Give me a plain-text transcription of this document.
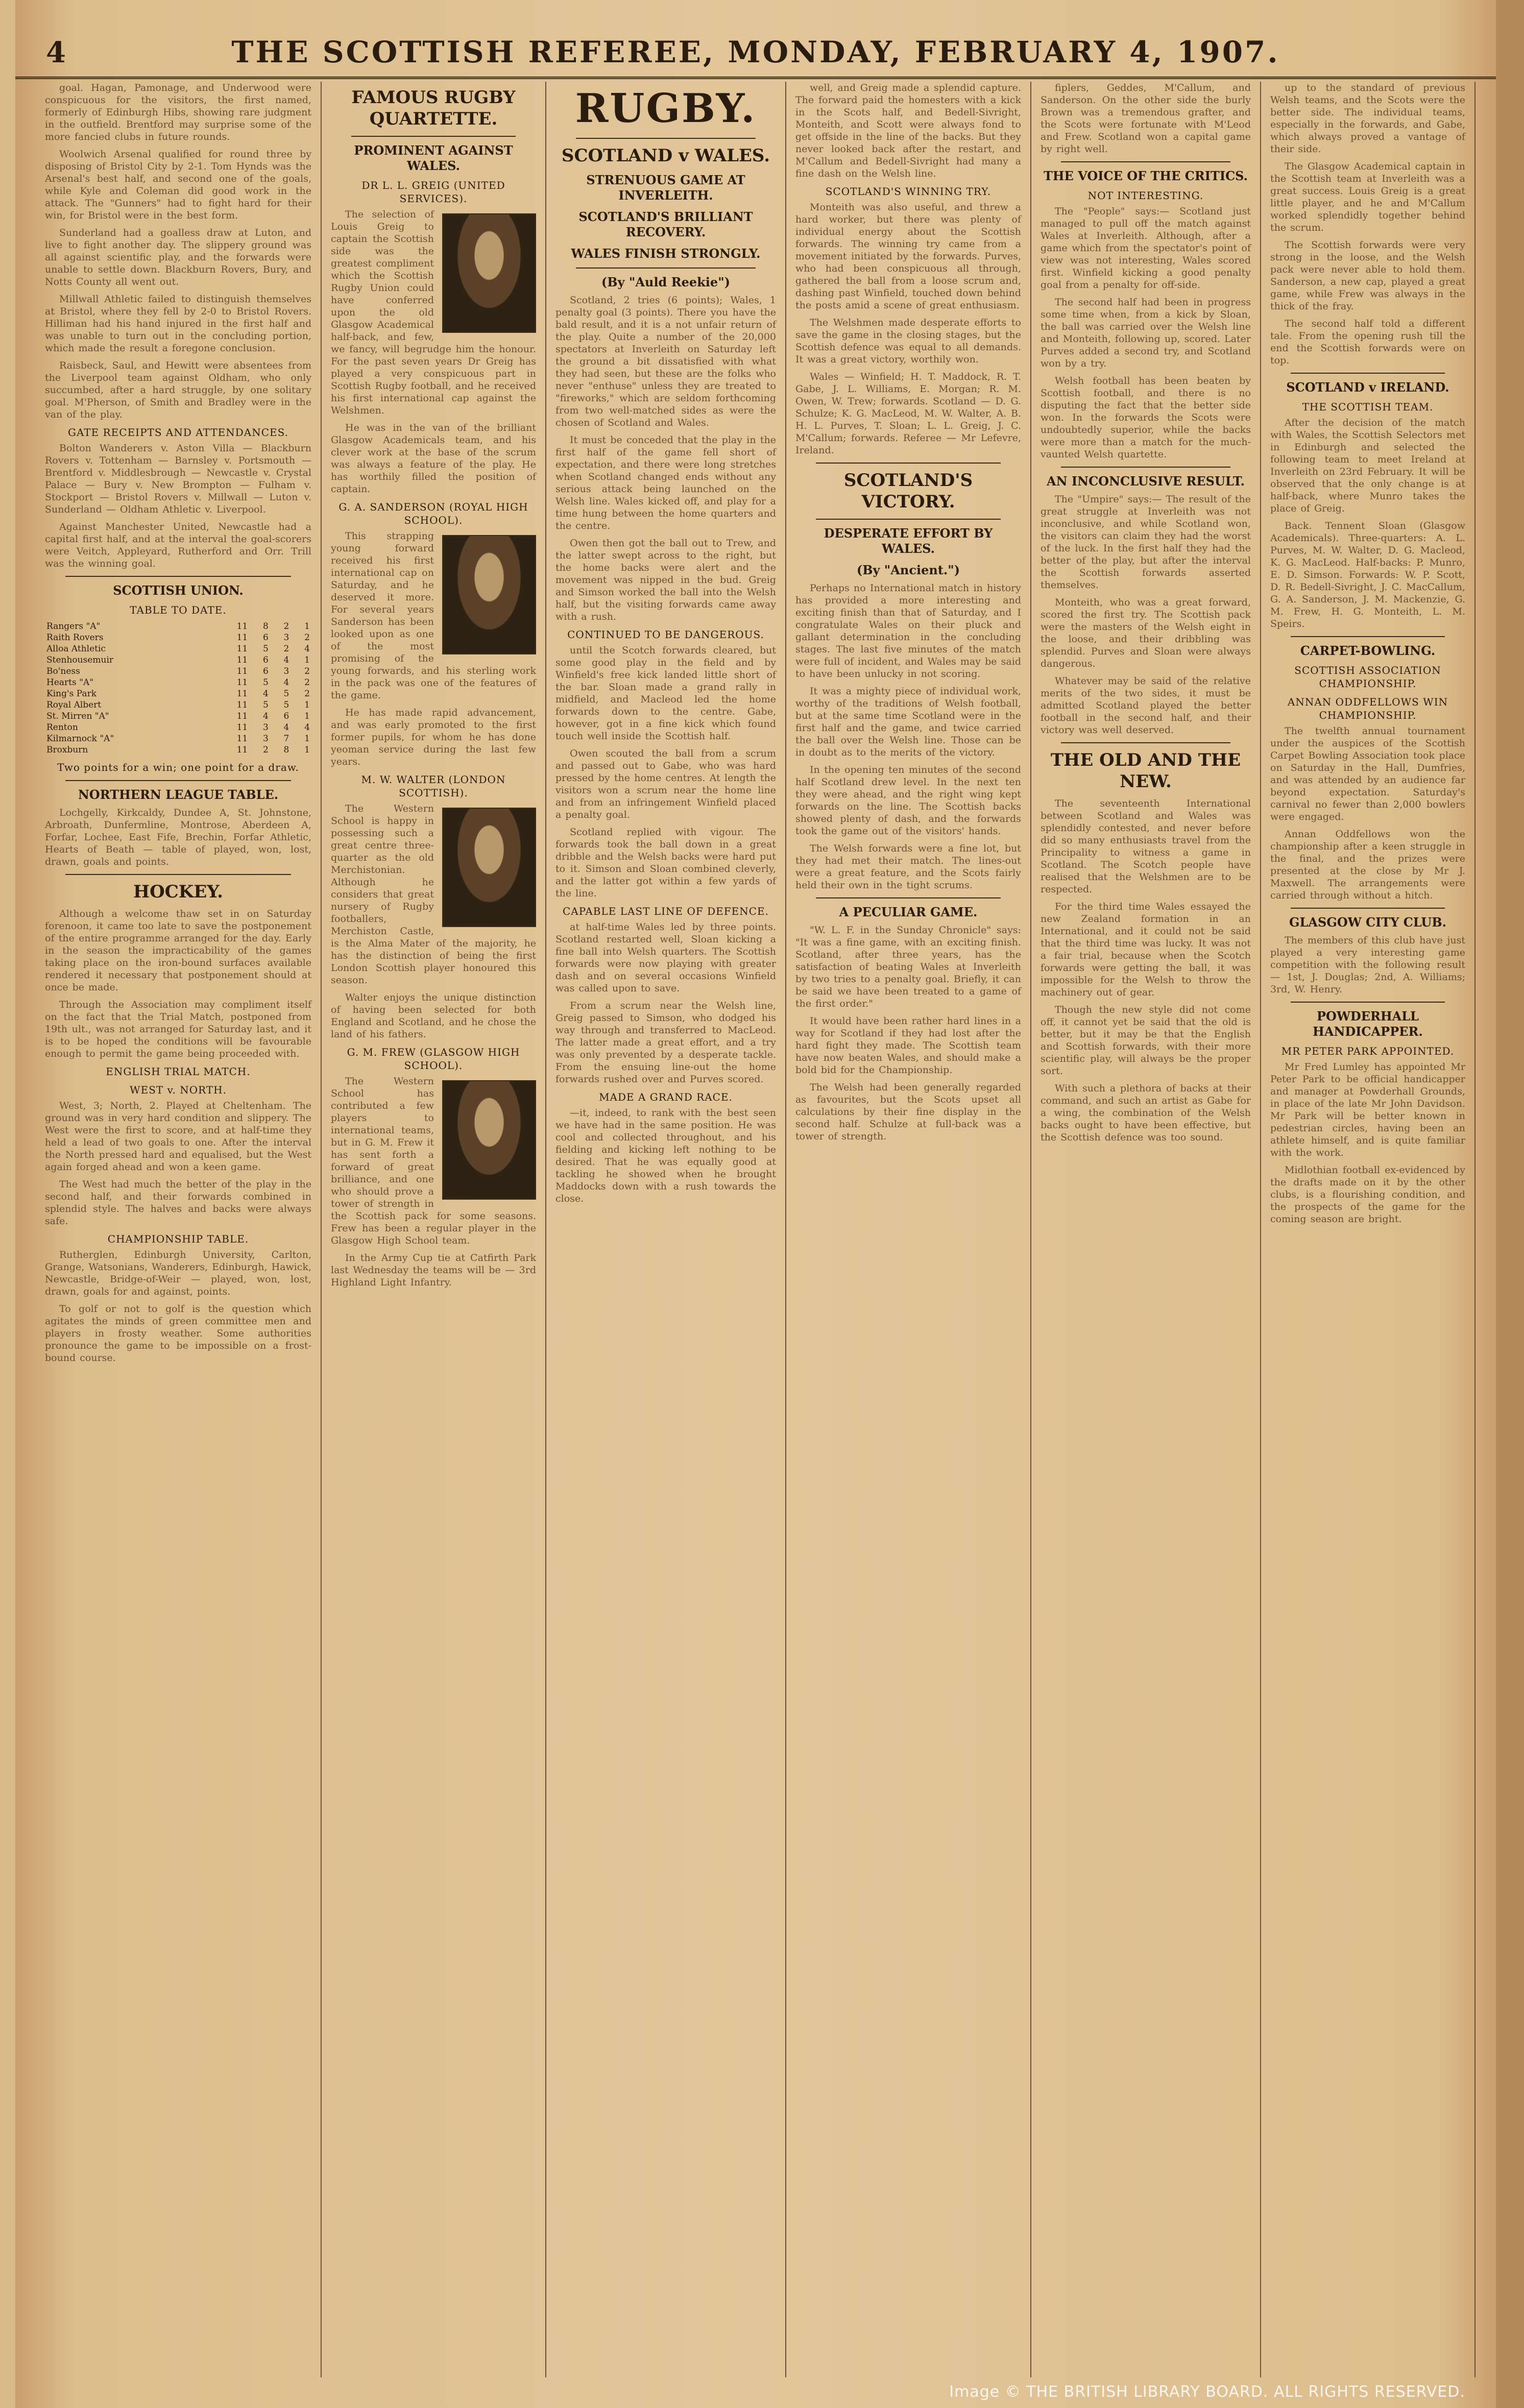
4	THE SCOTTISH REFEREE, MONDAY, FEBRUARY 4, 1907.

goal. Hagan, Pamonage, and Underwood were conspicuous for the visitors, the first named, formerly of Edinburgh Hibs, showing rare judgment in the outfield. Brentford may surprise some of the more fancied clubs in future rounds.

Woolwich Arsenal qualified for round three by disposing of Bristol City by 2-1. Tom Hynds was the Arsenal's best half, and second one of the goals, while Kyle and Coleman did good work in the attack. The "Gunners" had to fight hard for their win, for Bristol were in the best form.

Sunderland had a goalless draw at Luton, and live to fight another day. The slippery ground was all against scientific play, and the forwards were unable to settle down. Blackburn Rovers, Bury, and Notts County all went out.

Millwall Athletic failed to distinguish themselves at Bristol, where they fell by 2-0 to Bristol Rovers. Hilliman had his hand injured in the first half and was unable to turn out in the concluding portion, which made the result a foregone conclusion.

Raisbeck, Saul, and Hewitt were absentees from the Liverpool team against Oldham, who only succumbed, after a hard struggle, by one solitary goal. M'Pherson, of Smith and Bradley were in the van of the play.

GATE RECEIPTS AND ATTENDANCES.

Bolton Wanderers v. Aston Villa — Blackburn Rovers v. Tottenham — Barnsley v. Portsmouth — Brentford v. Middlesbrough — Newcastle v. Crystal Palace — Bury v. New Brompton — Fulham v. Stockport — Bristol Rovers v. Millwall — Luton v. Sunderland — Oldham Athletic v. Liverpool.

Against Manchester United, Newcastle had a capital first half, and at the interval the goal-scorers were Veitch, Appleyard, Rutherford and Orr. Trill was the winning goal.

SCOTTISH UNION.
TABLE TO DATE.
Rangers "A"	11	8	2	1
Raith Rovers	11	6	3	2
Alloa Athletic	11	5	2	4
Stenhousemuir	11	6	4	1
Bo'ness	11	6	3	2
Hearts "A"	11	5	4	2
King's Park	11	4	5	2
Royal Albert	11	5	5	1
St. Mirren "A"	11	4	6	1
Renton	11	3	4	4
Kilmarnock "A"	11	3	7	1
Broxburn	11	2	8	1
Two points for a win; one point for a draw.
NORTHERN LEAGUE TABLE.

Lochgelly, Kirkcaldy, Dundee A, St. Johnstone, Arbroath, Dunfermline, Montrose, Aberdeen A, Forfar, Lochee, East Fife, Brechin, Forfar Athletic, Hearts of Beath — table of played, won, lost, drawn, goals and points.

HOCKEY.

Although a welcome thaw set in on Saturday forenoon, it came too late to save the postponement of the entire programme arranged for the day. Early in the season the impracticability of the games taking place on the iron-bound surfaces available rendered it necessary that postponement should at once be made.

Through the Association may compliment itself on the fact that the Trial Match, postponed from 19th ult., was not arranged for Saturday last, and it is to be hoped the conditions will be favourable enough to permit the game being proceeded with.

ENGLISH TRIAL MATCH.
WEST v. NORTH.

West, 3; North, 2. Played at Cheltenham. The ground was in very hard condition and slippery. The West were the first to score, and at half-time they held a lead of two goals to one. After the interval the North pressed hard and equalised, but the West again forged ahead and won a keen game.

The West had much the better of the play in the second half, and their forwards combined in splendid style. The halves and backs were always safe.

CHAMPIONSHIP TABLE.

Rutherglen, Edinburgh University, Carlton, Grange, Watsonians, Wanderers, Edinburgh, Hawick, Newcastle, Bridge-of-Weir — played, won, lost, drawn, goals for and against, points.

To golf or not to golf is the question which agitates the minds of green committee men and players in frosty weather. Some authorities pronounce the game to be impossible on a frost-bound course.

FAMOUS RUGBY QUARTETTE.
PROMINENT AGAINST WALES.
DR L. L. GREIG (UNITED SERVICES).

The selection of Louis Greig to captain the Scottish side was the greatest compliment which the Scottish Rugby Union could have conferred upon the old Glasgow Academical half-back, and few, we fancy, will begrudge him the honour. For the past seven years Dr Greig has played a very conspicuous part in Scottish Rugby football, and he received his first international cap against the Welshmen.

He was in the van of the brilliant Glasgow Academicals team, and his clever work at the base of the scrum was always a feature of the play. He has worthily filled the position of captain.

G. A. SANDERSON (ROYAL HIGH SCHOOL).

This strapping young forward received his first international cap on Saturday, and he deserved it more. For several years Sanderson has been looked upon as one of the most promising of the young forwards, and his sterling work in the pack was one of the features of the game.

He has made rapid advancement, and was early promoted to the first former pupils, for whom he has done yeoman service during the last few years.

M. W. WALTER (LONDON SCOTTISH).

The Western School is happy in possessing such a great centre three-quarter as the old Merchistonian. Although he considers that great nursery of Rugby footballers, Merchiston Castle, is the Alma Mater of the majority, he has the distinction of being the first London Scottish player honoured this season.

Walter enjoys the unique distinction of having been selected for both England and Scotland, and he chose the land of his fathers.

G. M. FREW (GLASGOW HIGH SCHOOL).

The Western School has contributed a few players to international teams, but in G. M. Frew it has sent forth a forward of great brilliance, and one who should prove a tower of strength in the Scottish pack for some seasons. Frew has been a regular player in the Glasgow High School team.

In the Army Cup tie at Catfirth Park last Wednesday the teams will be — 3rd Highland Light Infantry.

RUGBY.
SCOTLAND v WALES.
STRENUOUS GAME AT INVERLEITH.
SCOTLAND'S BRILLIANT RECOVERY.
WALES FINISH STRONGLY.
(By "Auld Reekie")

Scotland, 2 tries (6 points); Wales, 1 penalty goal (3 points). There you have the bald result, and it is a not unfair return of the play. Quite a number of the 20,000 spectators at Inverleith on Saturday left the ground a bit dissatisfied with what they had seen, but these are the folks who never "enthuse" unless they are treated to "fireworks," which are seldom forthcoming from two well-matched sides as were the chosen of Scotland and Wales.

It must be conceded that the play in the first half of the game fell short of expectation, and there were long stretches when Scotland changed ends without any serious attack being launched on the Welsh line. Wales kicked off, and play for a time hung between the home quarters and the centre.

Owen then got the ball out to Trew, and the latter swept across to the right, but the home backs were alert and the movement was nipped in the bud. Greig and Simson worked the ball into the Welsh half, but the visiting forwards came away with a rush.

CONTINUED TO BE DANGEROUS.

until the Scotch forwards cleared, but some good play in the field and by Winfield's free kick landed little short of the bar. Sloan made a grand rally in midfield, and Macleod led the home forwards down to the centre. Gabe, however, got in a fine kick which found touch well inside the Scottish half.

Owen scouted the ball from a scrum and passed out to Gabe, who was hard pressed by the home centres. At length the visitors won a scrum near the home line and from an infringement Winfield placed a penalty goal.

Scotland replied with vigour. The forwards took the ball down in a great dribble and the Welsh backs were hard put to it. Simson and Sloan combined cleverly, and the latter got within a few yards of the line.

CAPABLE LAST LINE OF DEFENCE.

at half-time Wales led by three points. Scotland restarted well, Sloan kicking a fine ball into Welsh quarters. The Scottish forwards were now playing with greater dash and on several occasions Winfield was called upon to save.

From a scrum near the Welsh line, Greig passed to Simson, who dodged his way through and transferred to MacLeod. The latter made a great effort, and a try was only prevented by a desperate tackle. From the ensuing line-out the home forwards rushed over and Purves scored.

MADE A GRAND RACE.

—it, indeed, to rank with the best seen we have had in the same position. He was cool and collected throughout, and his fielding and kicking left nothing to be desired. That he was equally good at tackling he showed when he brought Maddocks down with a rush towards the close.

well, and Greig made a splendid capture. The forward paid the homesters with a kick in the Scots half, and Bedell-Sivright, Monteith, and Scott were always fond to get offside in the line of the backs. But they never looked back after the restart, and M'Callum and Bedell-Sivright had many a fine dash on the Welsh line.

SCOTLAND'S WINNING TRY.

Monteith was also useful, and threw a hard worker, but there was plenty of individual energy about the Scottish forwards. The winning try came from a movement initiated by the forwards. Purves, who had been conspicuous all through, gathered the ball from a loose scrum and, dashing past Winfield, touched down behind the posts amid a scene of great enthusiasm.

The Welshmen made desperate efforts to save the game in the closing stages, but the Scottish defence was equal to all demands. It was a great victory, worthily won.

Wales — Winfield; H. T. Maddock, R. T. Gabe, J. L. Williams, E. Morgan; R. M. Owen, W. Trew; forwards. Scotland — D. G. Schulze; K. G. MacLeod, M. W. Walter, A. B. H. L. Purves, T. Sloan; L. L. Greig, J. C. M'Callum; forwards. Referee — Mr Lefevre, Ireland.

SCOTLAND'S VICTORY.
DESPERATE EFFORT BY WALES.
(By "Ancient.")

Perhaps no International match in history has provided a more interesting and exciting finish than that of Saturday, and I congratulate Wales on their pluck and gallant determination in the concluding stages. The last five minutes of the match were full of incident, and Wales may be said to have been unlucky in not scoring.

It was a mighty piece of individual work, worthy of the traditions of Welsh football, but at the same time Scotland were in the first half and the game, and twice carried the ball over the Welsh line. Those can be in doubt as to the merits of the victory.

In the opening ten minutes of the second half Scotland drew level. In the next ten they were ahead, and the right wing kept forwards on the line. The Scottish backs showed plenty of dash, and the forwards took the game out of the visitors' hands.

The Welsh forwards were a fine lot, but they had met their match. The lines-out were a great feature, and the Scots fairly held their own in the tight scrums.

A PECULIAR GAME.

"W. L. F. in the Sunday Chronicle" says: "It was a fine game, with an exciting finish. Scotland, after three years, has the satisfaction of beating Wales at Inverleith by two tries to a penalty goal. Briefly, it can be said we have been treated to a game of the first order."

It would have been rather hard lines in a way for Scotland if they had lost after the hard fight they made. The Scottish team have now beaten Wales, and should make a bold bid for the Championship.

The Welsh had been generally regarded as favourites, but the Scots upset all calculations by their fine display in the second half. Schulze at full-back was a tower of strength.

fiplers, Geddes, M'Callum, and Sanderson. On the other side the burly Brown was a tremendous grafter, and the Scots were fortunate with M'Leod and Frew. Scotland won a capital game by right well.

THE VOICE OF THE CRITICS.
NOT INTERESTING.

The "People" says:— Scotland just managed to pull off the match against Wales at Inverleith. Although, after a game which from the spectator's point of view was not interesting, Wales scored first. Winfield kicking a good penalty goal from a penalty for off-side.

The second half had been in progress some time when, from a kick by Sloan, the ball was carried over the Welsh line and Monteith, following up, scored. Later Purves added a second try, and Scotland won by a try.

Welsh football has been beaten by Scottish football, and there is no disputing the fact that the better side won. In the forwards the Scots were undoubtedly superior, while the backs were more than a match for the much-vaunted Welsh quartette.

AN INCONCLUSIVE RESULT.

The "Umpire" says:— The result of the great struggle at Inverleith was not inconclusive, and while Scotland won, the visitors can claim they had the worst of the luck. In the first half they had the better of the play, but after the interval the Scottish forwards asserted themselves.

Monteith, who was a great forward, scored the first try. The Scottish pack were the masters of the Welsh eight in the loose, and their dribbling was splendid. Purves and Sloan were always dangerous.

Whatever may be said of the relative merits of the two sides, it must be admitted Scotland played the better football in the second half, and their victory was well deserved.

THE OLD AND THE NEW.

The seventeenth International between Scotland and Wales was splendidly contested, and never before did so many enthusiasts travel from the Principality to witness a game in Scotland. The Scotch people have realised that the Welshmen are to be respected.

For the third time Wales essayed the new Zealand formation in an International, and it could not be said that the third time was lucky. It was not a fair trial, because when the Scotch forwards were getting the ball, it was impossible for the Welsh to throw the machinery out of gear.

Though the new style did not come off, it cannot yet be said that the old is better, but it may be that the English and Scottish forwards, with their more scientific play, will always be the proper sort.

With such a plethora of backs at their command, and such an artist as Gabe for a wing, the combination of the Welsh backs ought to have been effective, but the Scottish defence was too sound.

up to the standard of previous Welsh teams, and the Scots were the better side. The individual teams, especially in the forwards, and Gabe, which always proved a vantage of their side.

The Glasgow Academical captain in the Scottish team at Inverleith was a great success. Louis Greig is a great little player, and he and M'Callum worked splendidly together behind the scrum.

The Scottish forwards were very strong in the loose, and the Welsh pack were never able to hold them. Sanderson, a new cap, played a great game, while Frew was always in the thick of the fray.

The second half told a different tale. From the opening rush till the end the Scottish forwards were on top.

SCOTLAND v IRELAND.
THE SCOTTISH TEAM.

After the decision of the match with Wales, the Scottish Selectors met in Edinburgh and selected the following team to meet Ireland at Inverleith on 23rd February. It will be observed that the only change is at half-back, where Munro takes the place of Greig.

Back. Tennent Sloan (Glasgow Academicals). Three-quarters: A. L. Purves, M. W. Walter, D. G. Macleod, K. G. MacLeod. Half-backs: P. Munro, E. D. Simson. Forwards: W. P. Scott, D. R. Bedell-Sivright, J. C. MacCallum, G. A. Sanderson, J. M. Mackenzie, G. M. Frew, H. G. Monteith, L. M. Speirs.

CARPET-BOWLING.
SCOTTISH ASSOCIATION CHAMPIONSHIP.
ANNAN ODDFELLOWS WIN CHAMPIONSHIP.

The twelfth annual tournament under the auspices of the Scottish Carpet Bowling Association took place on Saturday in the Hall, Dumfries, and was attended by an audience far beyond expectation. Saturday's carnival no fewer than 2,000 bowlers were engaged.

Annan Oddfellows won the championship after a keen struggle in the final, and the prizes were presented at the close by Mr J. Maxwell. The arrangements were carried through without a hitch.

GLASGOW CITY CLUB.

The members of this club have just played a very interesting game competition with the following result — 1st, J. Douglas; 2nd, A. Williams; 3rd, W. Henry.

POWDERHALL HANDICAPPER.
MR PETER PARK APPOINTED.

Mr Fred Lumley has appointed Mr Peter Park to be official handicapper and manager at Powderhall Grounds, in place of the late Mr John Davidson. Mr Park will be better known in pedestrian circles, having been an athlete himself, and is quite familiar with the work.

Midlothian football ex-evidenced by the drafts made on it by the other clubs, is a flourishing condition, and the prospects of the game for the coming season are bright.

Image © THE BRITISH LIBRARY BOARD. ALL RIGHTS RESERVED.
